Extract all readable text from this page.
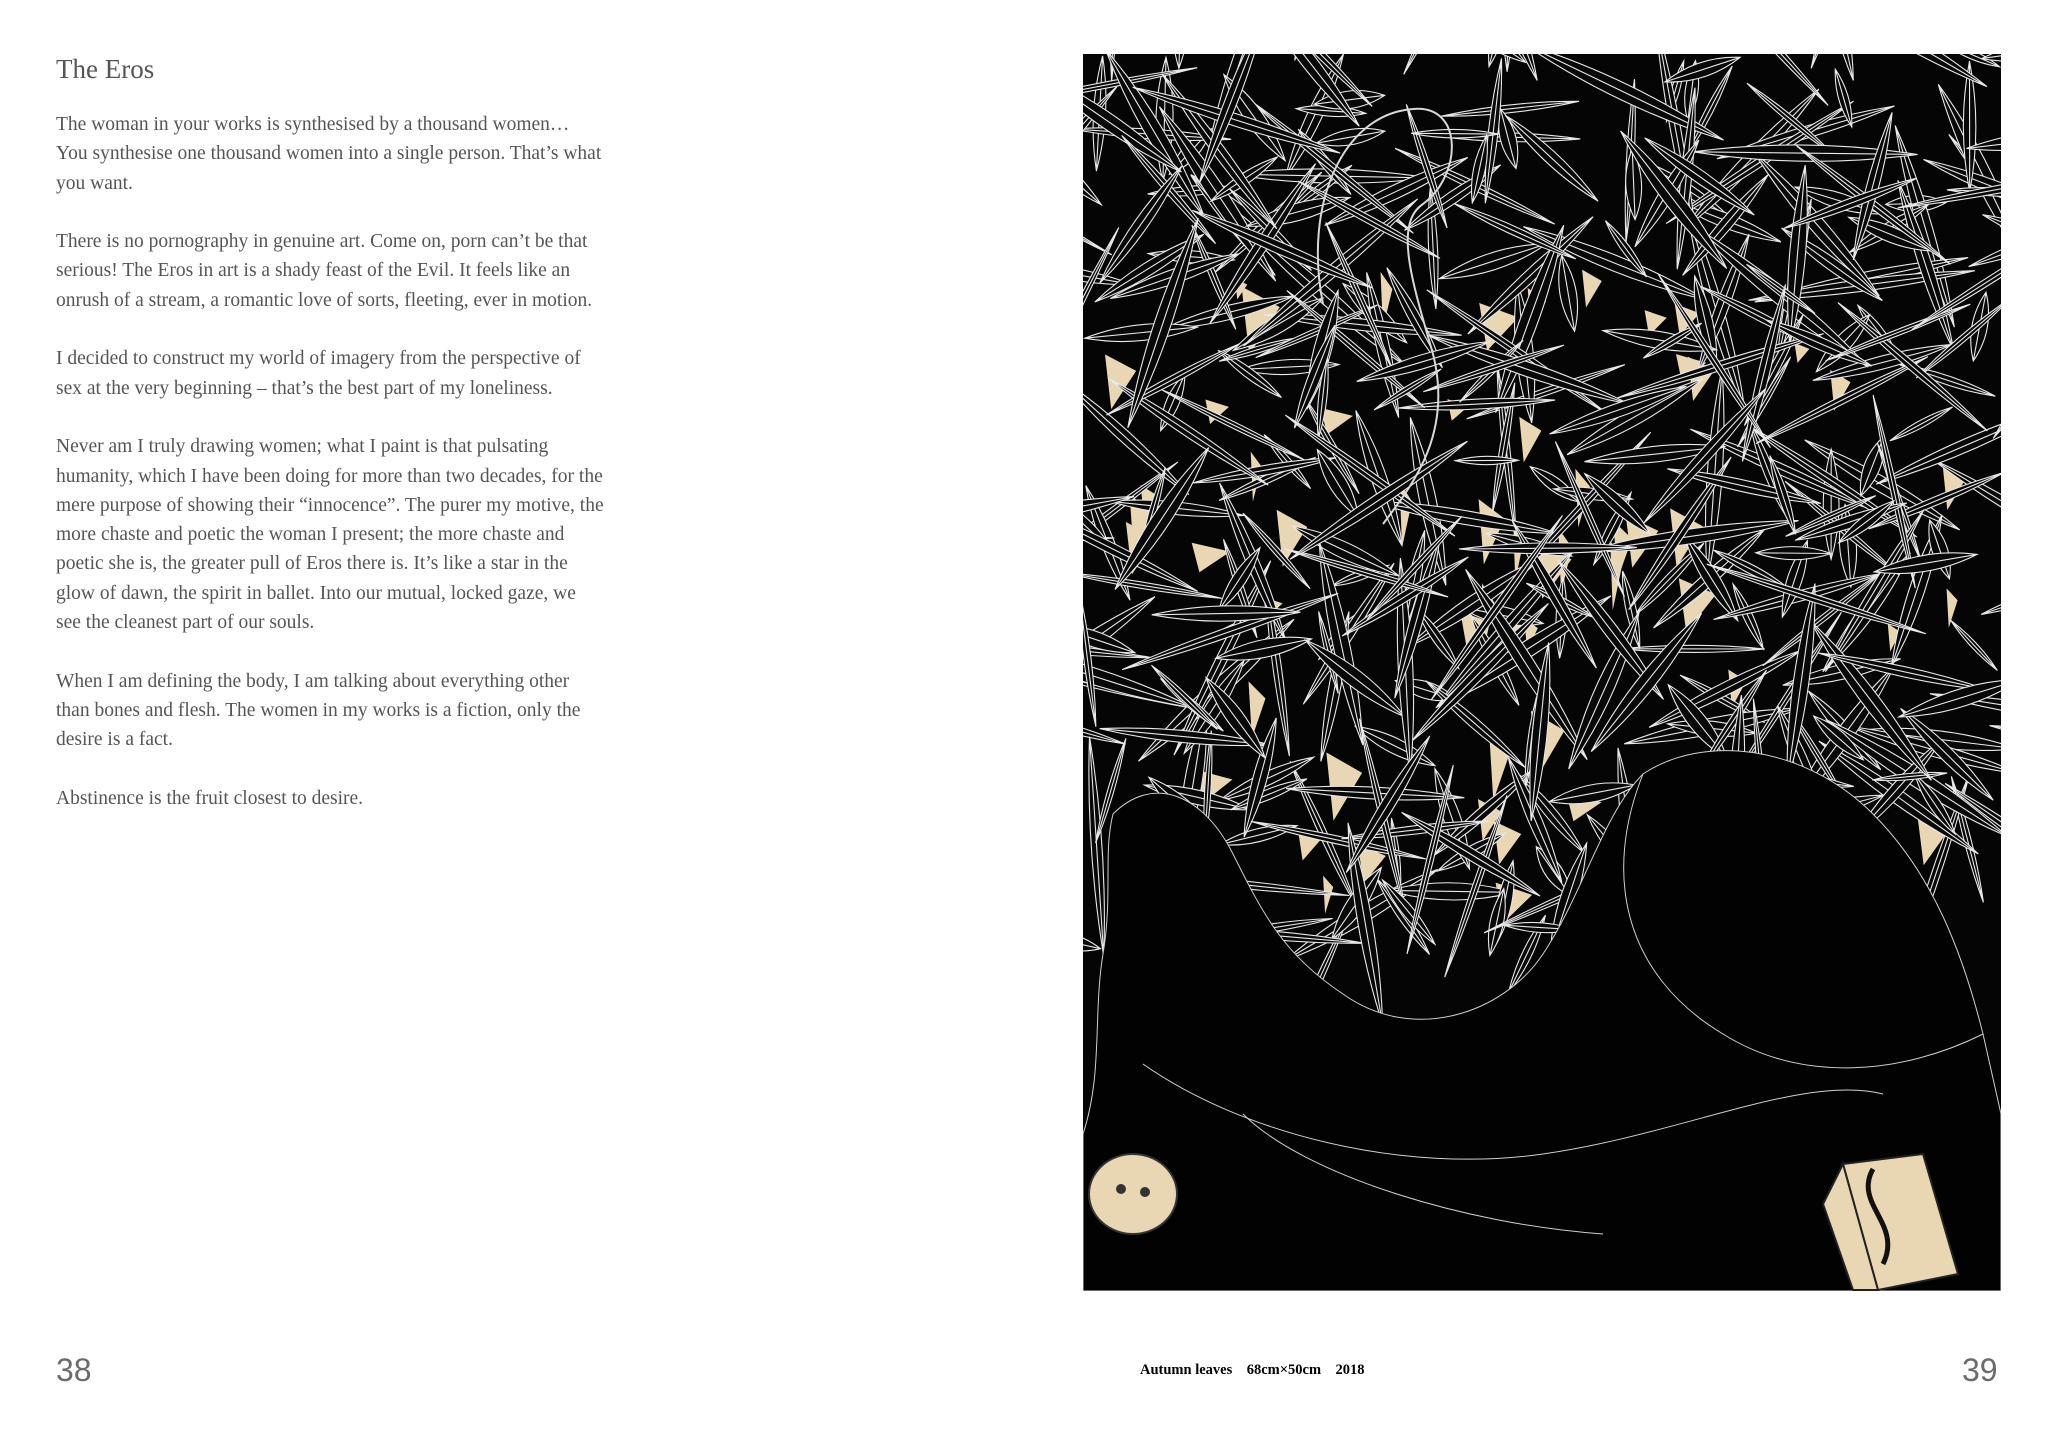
The Eros

The woman in your works is synthesised by a thousand women… You synthesise one thousand women into a single person. That’s what you want.

There is no pornography in genuine art. Come on, porn can’t be that serious! The Eros in art is a shady feast of the Evil. It feels like an onrush of a stream, a romantic love of sorts, fleeting, ever in motion.

I decided to construct my world of imagery from the perspective of sex at the very beginning – that’s the best part of my loneliness.

Never am I truly drawing women; what I paint is that pulsating humanity, which I have been doing for more than two decades, for the mere purpose of showing their “innocence”. The purer my motive, the more chaste and poetic the woman I present; the more chaste and poetic she is, the greater pull of Eros there is. It’s like a star in the glow of dawn, the spirit in ballet. Into our mutual, locked gaze, we see the cleanest part of our souls.

When I am defining the body, I am talking about everything other than bones and flesh. The women in my works is a fiction, only the desire is a fact.

Abstinence is the fruit closest to desire.

38	Autumn leaves 68cm×50cm 2018	39
